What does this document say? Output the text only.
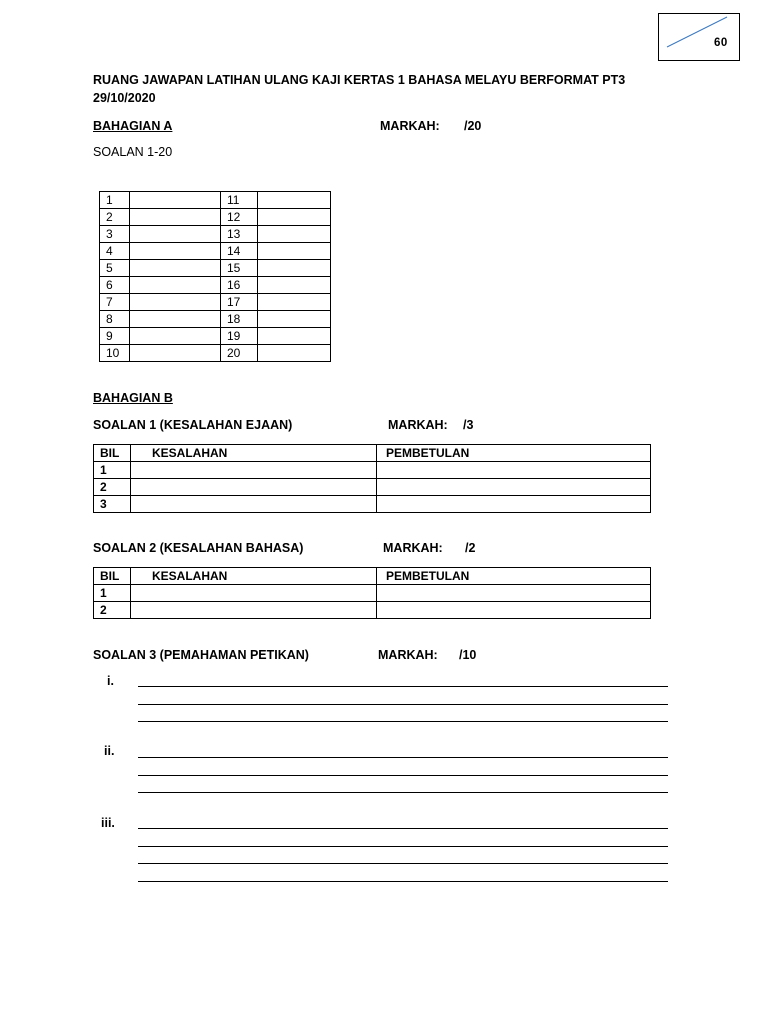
60
RUANG JAWAPAN LATIHAN ULANG KAJI KERTAS 1 BAHASA MELAYU BERFORMAT PT3
29/10/2020
BAHAGIAN A	MARKAH: /20
SOALAN 1-20
1		11	
2		12	
3		13	
4		14	
5		15	
6		16	
7		17	
8		18	
9		19	
10		20	
BAHAGIAN B
SOALAN 1 (KESALAHAN EJAAN)	MARKAH: /3
BIL	KESALAHAN	PEMBETULAN
1		
2		
3		
SOALAN 2 (KESALAHAN BAHASA)	MARKAH: /2
BIL	KESALAHAN	PEMBETULAN
1		
2		
SOALAN 3 (PEMAHAMAN PETIKAN)	MARKAH: /10
i.
ii.
iii.
